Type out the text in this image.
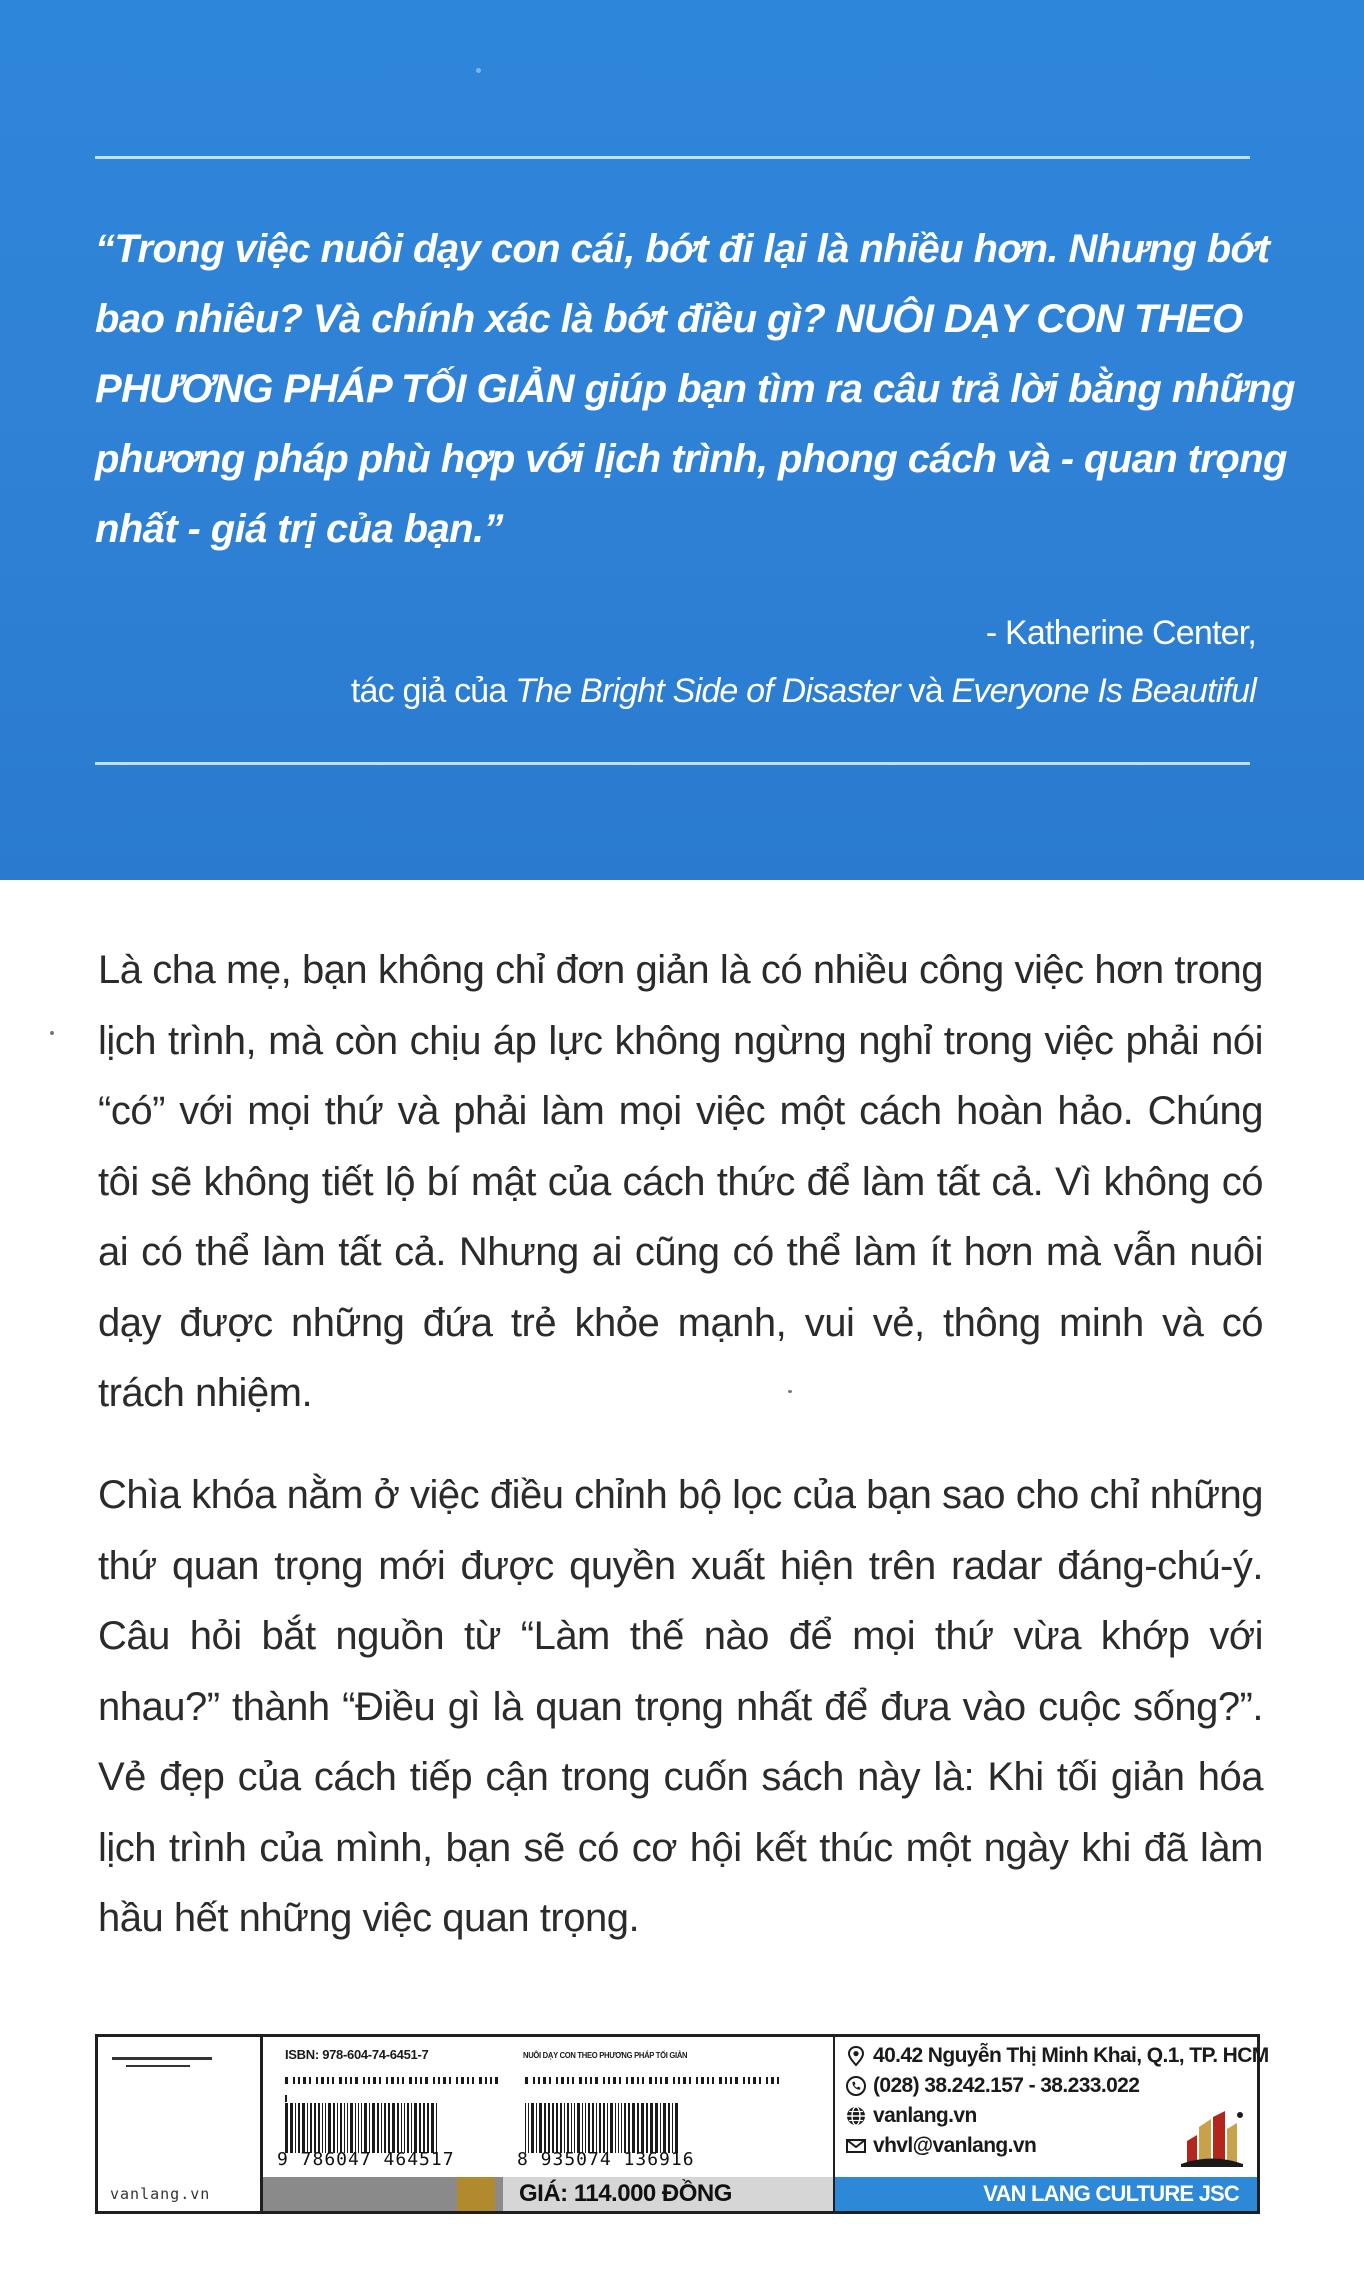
“Trong việc nuôi dạy con cái, bớt đi lại là nhiều hơn. Nhưng bớt
bao nhiêu? Và chính xác là bớt điều gì? NUÔI DẠY CON THEO
PHƯƠNG PHÁP TỐI GIẢN giúp bạn tìm ra câu trả lời bằng những
phương pháp phù hợp với lịch trình, phong cách và - quan trọng
nhất - giá trị của bạn.”
- Katherine Center,
tác giả của The Bright Side of Disaster và Everyone Is Beautiful

Là cha mẹ, bạn không chỉ đơn giản là có nhiều công việc hơn trong lịch trình, mà còn chịu áp lực không ngừng nghỉ trong việc phải nói “có” với mọi thứ và phải làm mọi việc một cách hoàn hảo. Chúng tôi sẽ không tiết lộ bí mật của cách thức để làm tất cả. Vì không có ai có thể làm tất cả. Nhưng ai cũng có thể làm ít hơn mà vẫn nuôi dạy được những đứa trẻ khỏe mạnh, vui vẻ, thông minh và có trách nhiệm.

Chìa khóa nằm ở việc điều chỉnh bộ lọc của bạn sao cho chỉ những thứ quan trọng mới được quyền xuất hiện trên radar đáng-chú-ý. Câu hỏi bắt nguồn từ “Làm thế nào để mọi thứ vừa khớp với nhau?” thành “Điều gì là quan trọng nhất để đưa vào cuộc sống?”. Vẻ đẹp của cách tiếp cận trong cuốn sách này là: Khi tối giản hóa lịch trình của mình, bạn sẽ có cơ hội kết thúc một ngày khi đã làm hầu hết những việc quan trọng.

vanlang.vn
ISBN: 978-604-74-6451-7
9 786047 464517
NUÔI DẠY CON THEO PHƯƠNG PHÁP TỐI GIẢN
8 935074 136916
GIÁ: 114.000 ĐỒNG
40.42 Nguyễn Thị Minh Khai, Q.1, TP. HCM
(028) 38.242.157 - 38.233.022
vanlang.vn
vhvl@vanlang.vn
VAN LANG CULTURE JSC
